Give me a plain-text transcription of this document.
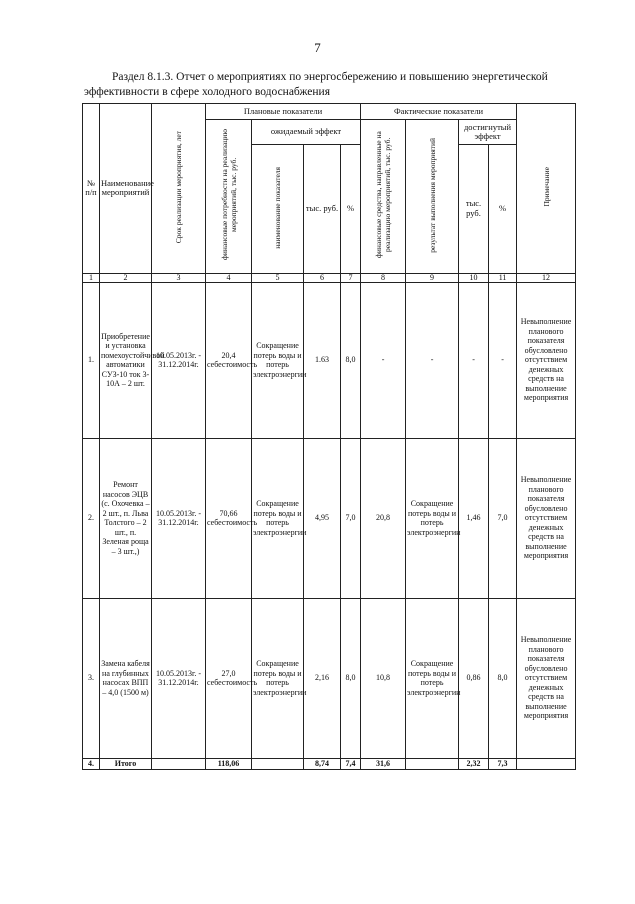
7
Раздел 8.1.3. Отчет о мероприятиях по энергосбережению и повышению энергетической
эффективности в сфере холодного водоснабжения
№ п/п	Наименование мероприятий	Срок реализации мероприятия, лет	Плановые показатели				Фактические показатели				Примечание
			финансовые потребности на реализацию мероприятий, тыс. руб.	ожидаемый эффект			финансовые средства, направленные на реализацию мероприятий, тыс. руб.	результат выполнения мероприятий	достигнутый эффект		
				наименование показателя	тыс. руб.	%			тыс. руб.	%	
1	2	3	4	5	6	7	8	9	10	11	12
1.	Приобретение и установка помехоустойчивой автоматики СУЗ-10 ток 3-10А – 2 шт.	10.05.2013г. - 31.12.2014г.	20,4 себестоимость	Сокращение потерь воды и потерь электроэнергии	1.63	8,0	-	-	-	-	Невыполнение планового показателя обусловлено отсутствием денежных средств на выполнение мероприятия
2.	Ремонт насосов ЭЦВ (с. Охочевка – 2 шт., п. Льва Толстого – 2 шт., п. Зеленая роща – 3 шт.,)	10.05.2013г. - 31.12.2014г.	70,66 себестоимость	Сокращение потерь воды и потерь электроэнергии	4,95	7,0	20,8	Сокращение потерь воды и потерь электроэнергии	1,46	7,0	Невыполнение планового показателя обусловлено отсутствием денежных средств на выполнение мероприятия
3.	Замена кабеля на глубинных насосах ВПП – 4,0 (1500 м)	10.05.2013г. - 31.12.2014г.	27,0 себестоимость	Сокращение потерь воды и потерь электроэнергии	2,16	8,0	10,8	Сокращение потерь воды и потерь электроэнергии	0,86	8,0	Невыполнение планового показателя обусловлено отсутствием денежных средств на выполнение мероприятия
4.	Итого		118,06		8,74	7,4	31,6		2,32	7,3	
